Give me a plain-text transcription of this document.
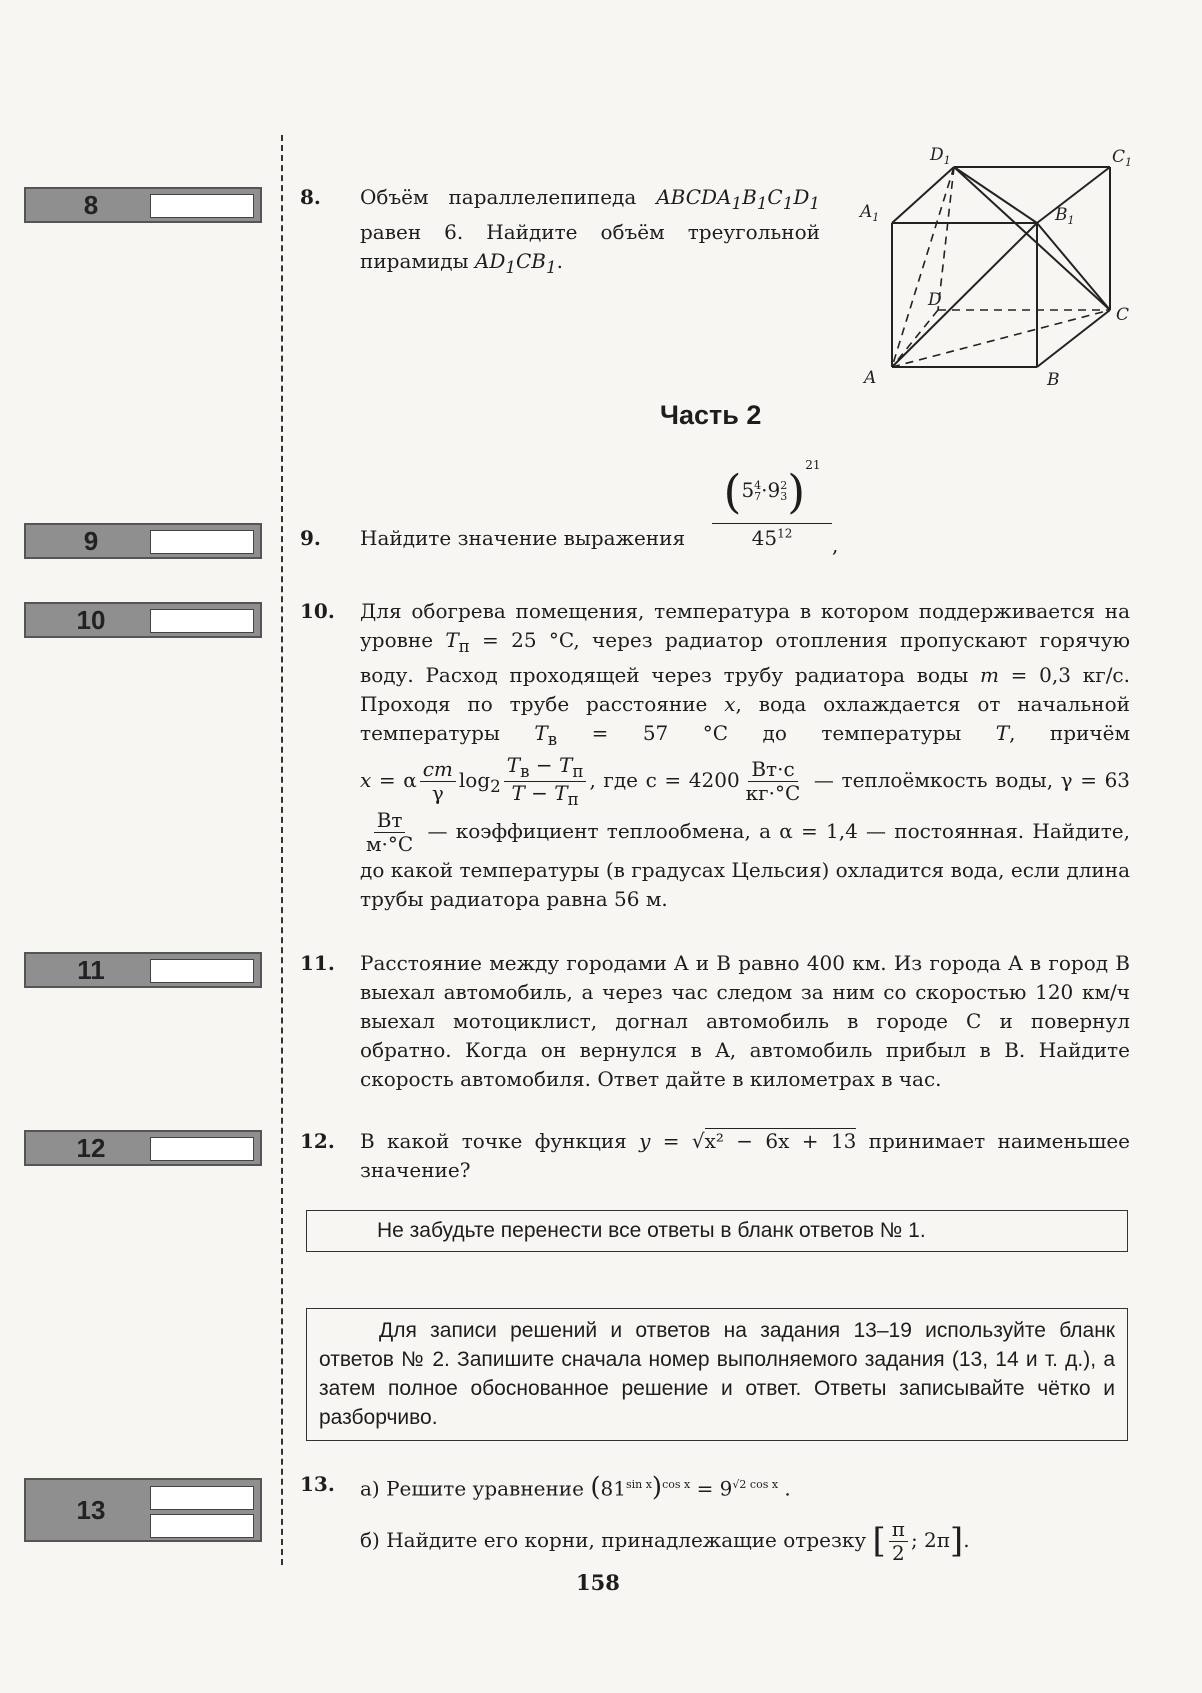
8
9
10
11
12
13
$D_1$	$C_1$
$A_1$	$B_1$
D
C
A	B
8. Объём параллелепипеда $ABCDA_1B_1C_1D_1$ равен 6. Найдите объём треугольной пирамиды $AD_1CB_1$.
Часть 2
9. Найдите значение выражения
(5 $^{4 7}$ ·9 $^{2 3}$ )$^{21}$
$45^{12}$
,
10. Для обогрева помещения, температура в котором поддерживается на уровне $T_п = 25$ °C, через радиатор отопления пропускают горячую воду. Расход проходящей через трубу радиатора воды m = 0,3 кг/с. Проходя по трубе расстояние x, вода охлаждается от начальной температуры $T_в = 57$ °C до температуры T, причём x = α $\frac{cm}{\gamma} \log_2 \frac{T_в - T_п}{T - T_п}$ , где $c = 4200 \frac{Вт\cdot с}{кг\cdot^\circ C}$ — теплоёмкость воды, γ = 63
$\frac{Вт}{м\cdot^\circ C}$ — коэффициент теплообмена, а α = 1,4 — постоянная. Найдите, до какой температуры (в градусах Цельсия) охладится вода, если длина трубы радиатора равна 56 м.
11. Расстояние между городами A и B равно 400 км. Из города A в город B выехал автомобиль, а через час следом за ним со скоростью 120 км/ч выехал мотоциклист, догнал автомобиль в городе C и повернул обратно. Когда он вернулся в A, автомобиль прибыл в B. Найдите скорость автомобиля. Ответ дайте в километрах в час.
12. В какой точке функция y = √x² − 6x + 13 принимает наименьшее значение?
Не забудьте перенести все ответы в бланк ответов № 1.
Для записи решений и ответов на задания 13–19 используйте бланк ответов № 2. Запишите сначала номер выполняемого задания (13, 14 и т. д.), а затем полное обоснованное решение и ответ. Ответы записывайте чётко и разборчиво.
13. а) Решите уравнение $(81^{sin x})^{cos x} = 9^{√2 cos x}$ .
б) Найдите его корни, принадлежащие отрезку [ $\frac{\pi}{2}$ ; 2π].
158
